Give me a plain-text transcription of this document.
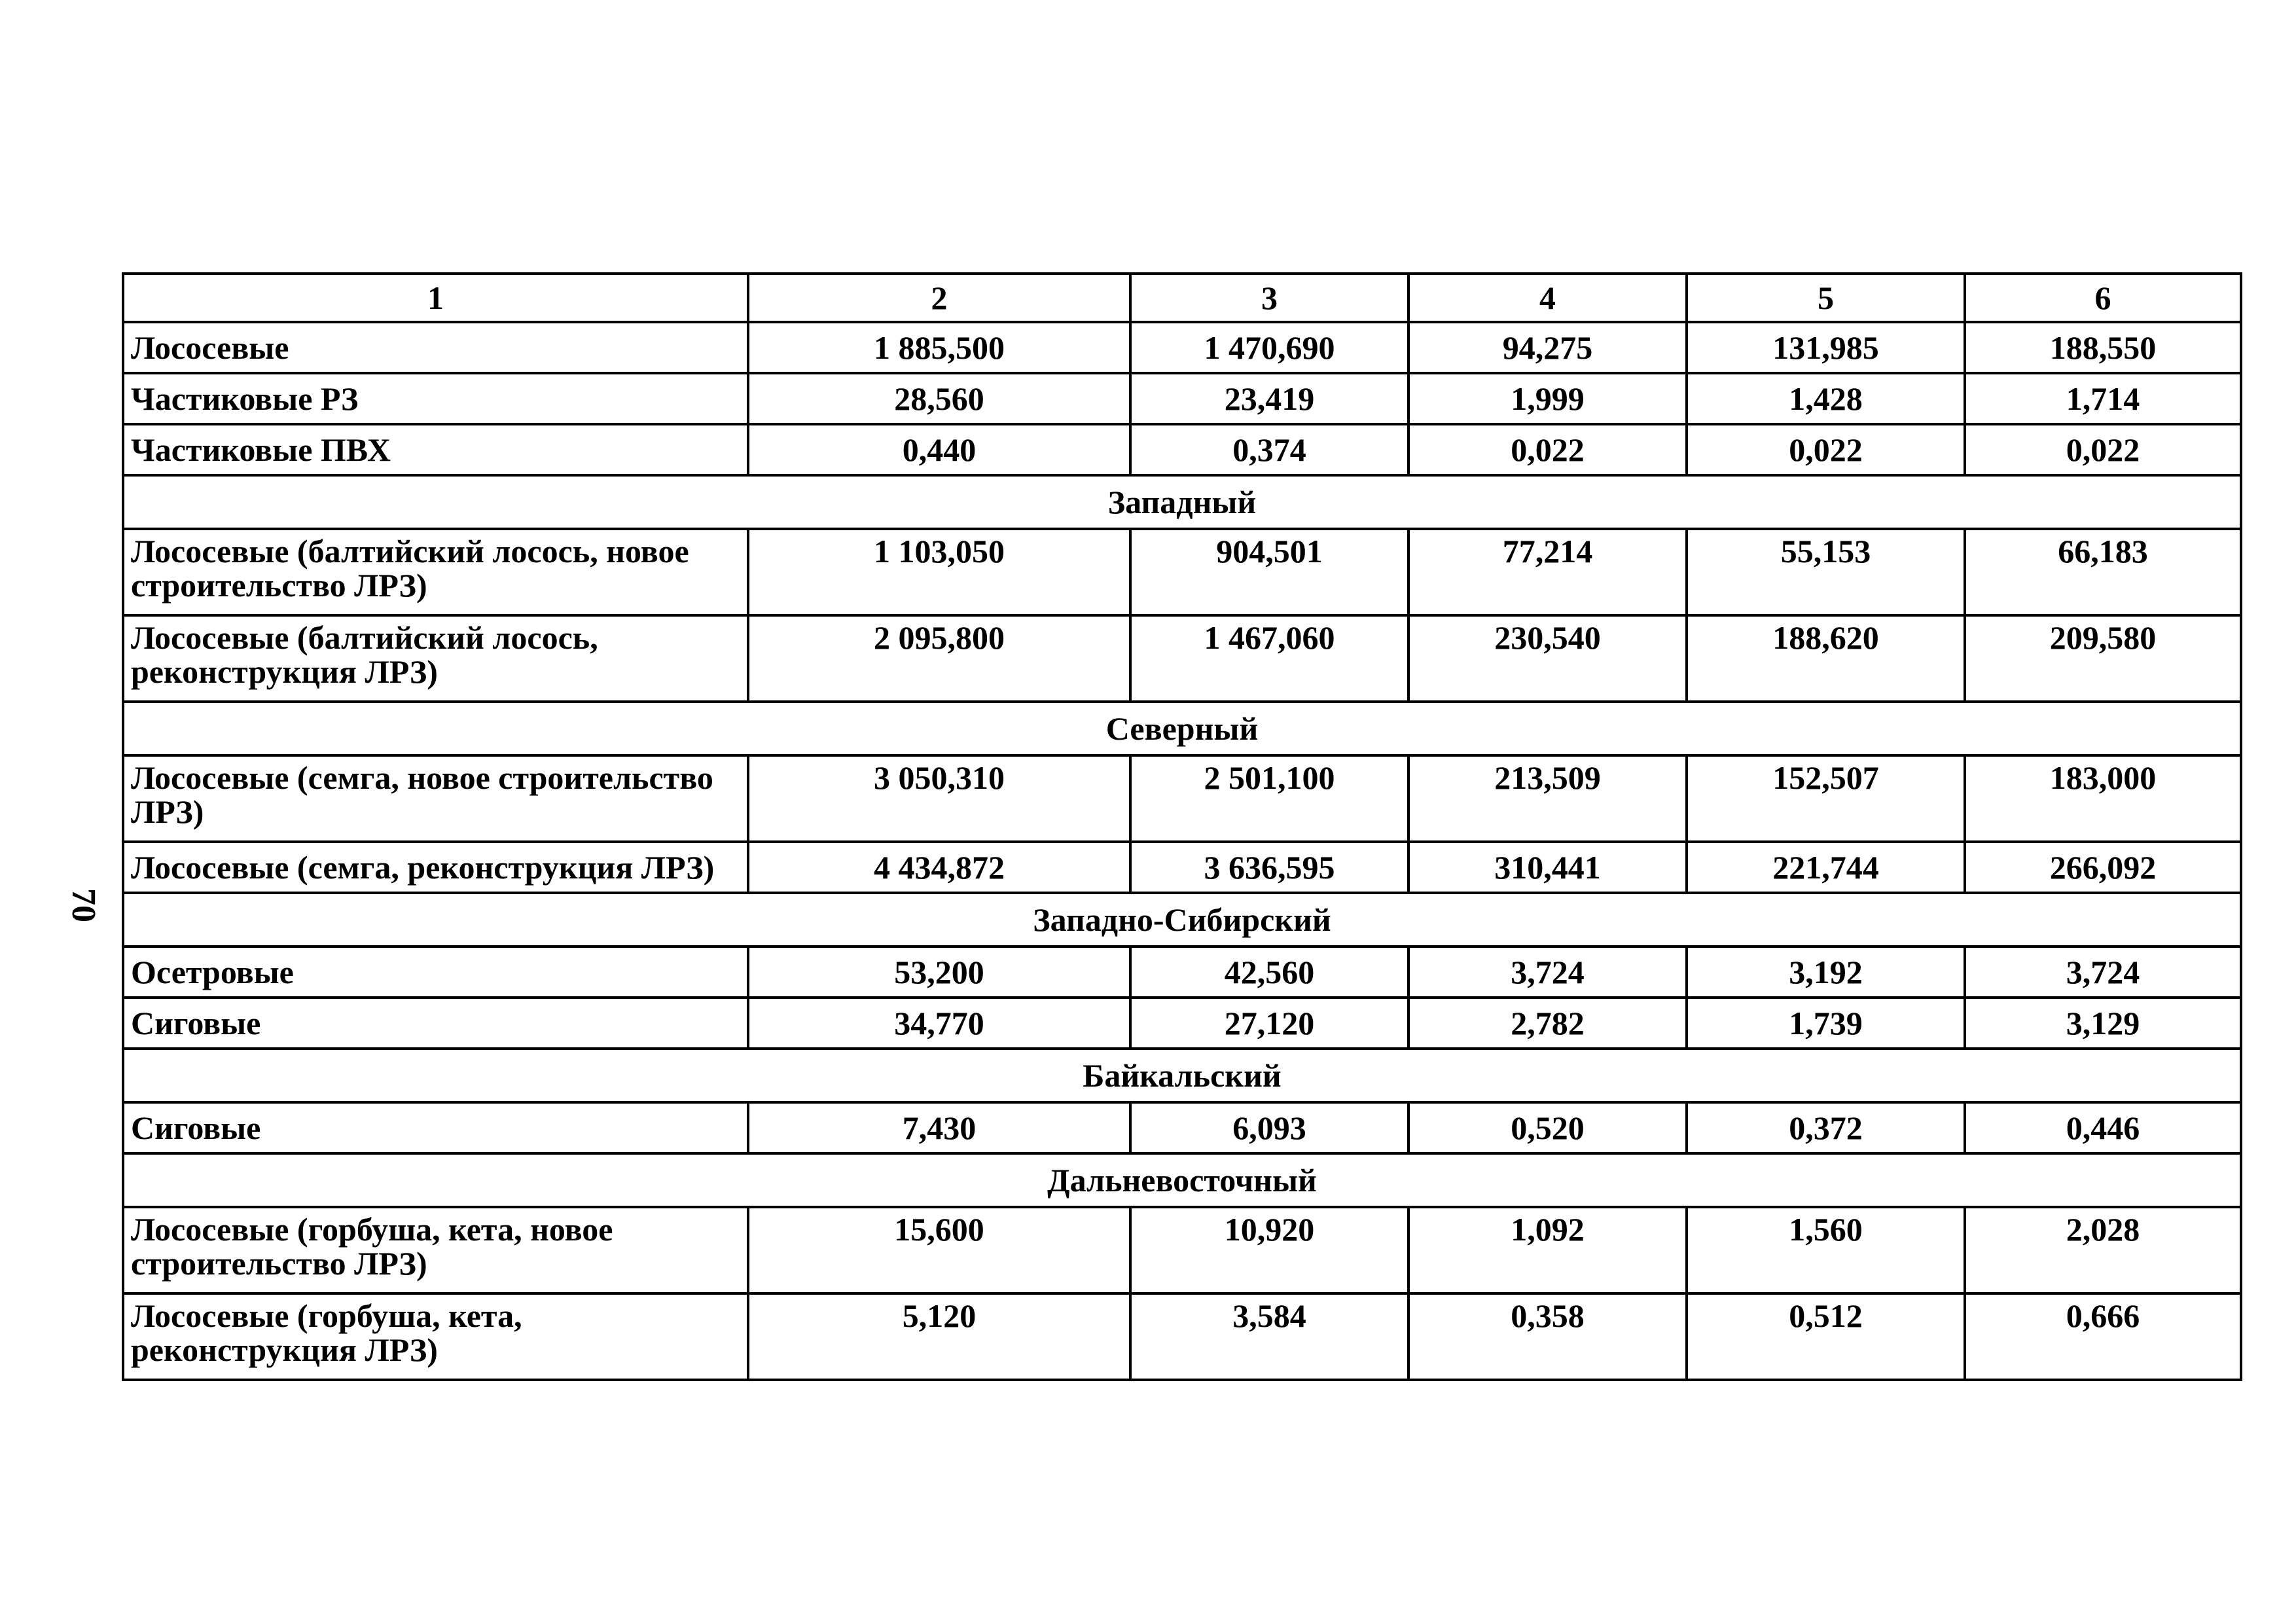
70
1	2	3	4	5	6
Лососевые	1 885,500	1 470,690	94,275	131,985	188,550
Частиковые РЗ	28,560	23,419	1,999	1,428	1,714
Частиковые ПВХ	0,440	0,374	0,022	0,022	0,022
Западный					
Лососевые (балтийский лосось, новое строительство ЛРЗ)	1 103,050	904,501	77,214	55,153	66,183
Лососевые (балтийский лосось, реконструкция ЛРЗ)	2 095,800	1 467,060	230,540	188,620	209,580
Северный					
Лососевые (семга, новое строительство ЛРЗ)	3 050,310	2 501,100	213,509	152,507	183,000
Лососевые (семга, реконструкция ЛРЗ)	4 434,872	3 636,595	310,441	221,744	266,092
Западно-Сибирский					
Осетровые	53,200	42,560	3,724	3,192	3,724
Сиговые	34,770	27,120	2,782	1,739	3,129
Байкальский					
Сиговые	7,430	6,093	0,520	0,372	0,446
Дальневосточный					
Лососевые (горбуша, кета, новое строительство ЛРЗ)	15,600	10,920	1,092	1,560	2,028
Лососевые (горбуша, кета, реконструкция ЛРЗ)	5,120	3,584	0,358	0,512	0,666
